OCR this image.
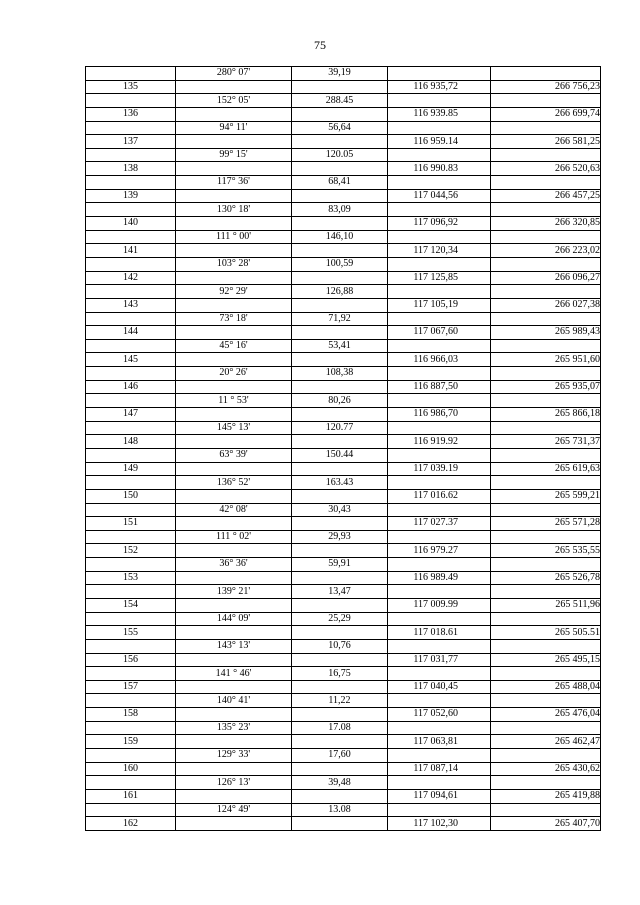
75
	280° 07'	39,19		
135			116 935,72	266 756,23
	152° 05'	288.45		
136			116 939.85	266 699,74
	94° 11'	56,64		
137			116 959.14	266 581,25
	99° 15'	120.05		
138			116 990.83	266 520,63
	117° 36'	68,41		
139			117 044,56	266 457,25
	130° 18'	83,09		
140			117 096,92	266 320,85
	111 ° 00'	146,10		
141			117 120,34	266 223,02
	103° 28'	100,59		
142			117 125,85	266 096,27
	92° 29'	126,88		
143			117 105,19	266 027,38
	73° 18'	71,92		
144			117 067,60	265 989,43
	45° 16'	53,41		
145			116 966,03	265 951,60
	20° 26'	108,38		
146			116 887,50	265 935,07
	11 ° 53'	80,26		
147			116 986,70	265 866,18
	145° 13'	120.77		
148			116 919.92	265 731,37
	63° 39'	150.44		
149			117 039.19	265 619,63
	136° 52'	163.43		
150			117 016.62	265 599,21
	42° 08'	30,43		
151			117 027.37	265 571,28
	111 ° 02'	29,93		
152			116 979.27	265 535,55
	36° 36'	59,91		
153			116 989.49	265 526,78
	139° 21'	13,47		
154			117 009.99	265 511,96
	144° 09'	25,29		
155			117 018.61	265 505.51
	143° 13'	10,76		
156			117 031,77	265 495,15
	141 ° 46'	16,75		
157			117 040,45	265 488,04
	140° 41'	11,22		
158			117 052,60	265 476,04
	135° 23'	17.08		
159			117 063,81	265 462,47
	129° 33'	17,60		
160			117 087,14	265 430,62
	126° 13'	39,48		
161			117 094,61	265 419,88
	124° 49'	13.08		
162			117 102,30	265 407,70
